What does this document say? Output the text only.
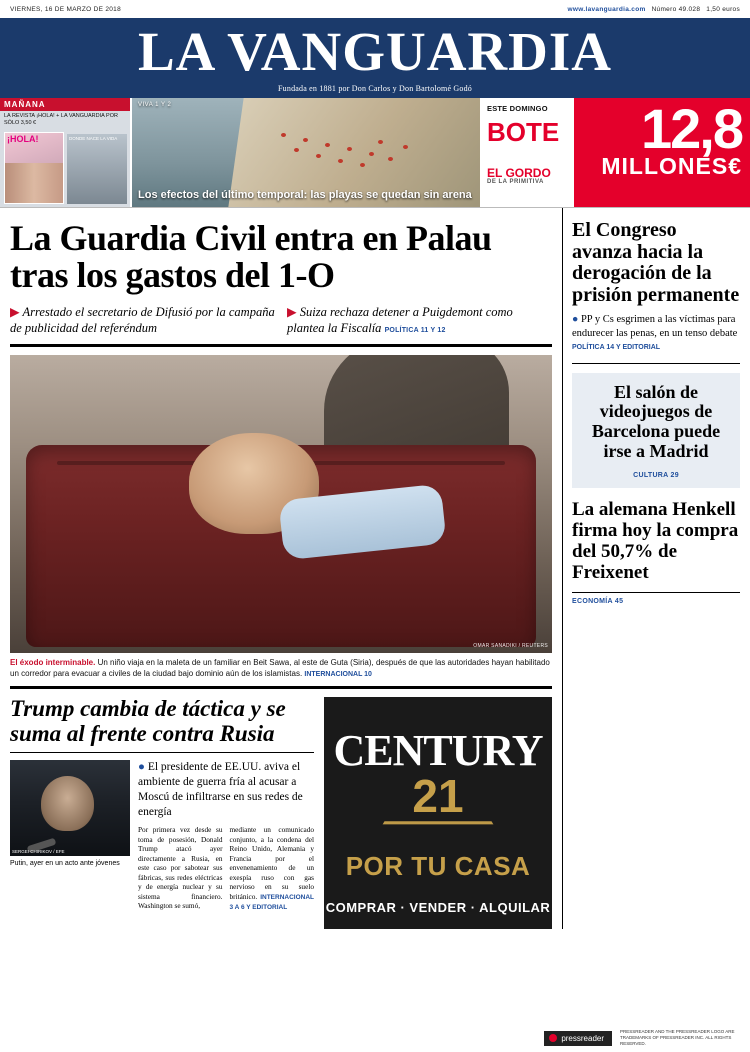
VIERNES, 16 DE MARZO DE 2018	www.lavanguardia.com Número 49.028 1,50 euros
LA VANGUARDIA
Fundada en 1881 por Don Carlos y Don Bartolomé Godó
MAÑANA
LA REVISTA ¡HOLA! + LA VANGUARDIA POR SÓLO 3,50 €
¡HOLA!	DONDE NACE LA VIDA
VIVA 1 Y 2
Los efectos del último temporal: las playas se quedan sin arena
ESTE DOMINGO
BOTE
EL GORDO
DE LA PRIMITIVA
12,8
MILLONES€
La Guardia Civil entra en Palau tras los gastos del 1-O
▶ Arrestado el secretario de Difusió por la campaña de publicidad del referéndum
▶ Suiza rechaza detener a Puigdemont como plantea la Fiscalía POLÍTICA 11 Y 12
OMAR SANADIKI / REUTERS
El éxodo interminable. Un niño viaja en la maleta de un familiar en Beit Sawa, al este de Guta (Siria), después de que las autoridades hayan habilitado un corredor para evacuar a civiles de la ciudad bajo dominio aún de los islamistas. INTERNACIONAL 10
Trump cambia de táctica y se suma al frente contra Rusia
SERGEI CHIRIKOV / EFE
Putin, ayer en un acto ante jóvenes
● El presidente de EE.UU. aviva el ambiente de guerra fría al acusar a Moscú de infiltrarse en sus redes de energía

Por primera vez desde su toma de posesión, Donald Trump atacó ayer directamente a Rusia, en este caso por sabotear sus fábricas, sus redes eléctricas y de energía nuclear y su sistema financiero. Washington se sumó,

mediante un comunicado conjunto, a la condena del Reino Unido, Alemania y Francia por el envenenamiento de un exespía ruso con gas nervioso en su suelo británico. INTERNACIONAL 3 A 6 Y EDITORIAL

CENTURY
21
POR TU CASA
COMPRAR · VENDER · ALQUILAR
El Congreso avanza hacia la derogación de la prisión permanente
● PP y Cs esgrimen a las víctimas para endurecer las penas, en un tenso debate POLÍTICA 14 Y EDITORIAL
El salón de videojuegos de Barcelona puede irse a Madrid
CULTURA 29
La alemana Henkell firma hoy la compra del 50,7% de Freixenet
ECONOMÍA 45
pressreader
PRESSREADER AND THE PRESSREADER LOGO ARE TRADEMARKS OF PRESSREADER INC. ALL RIGHTS RESERVED.
